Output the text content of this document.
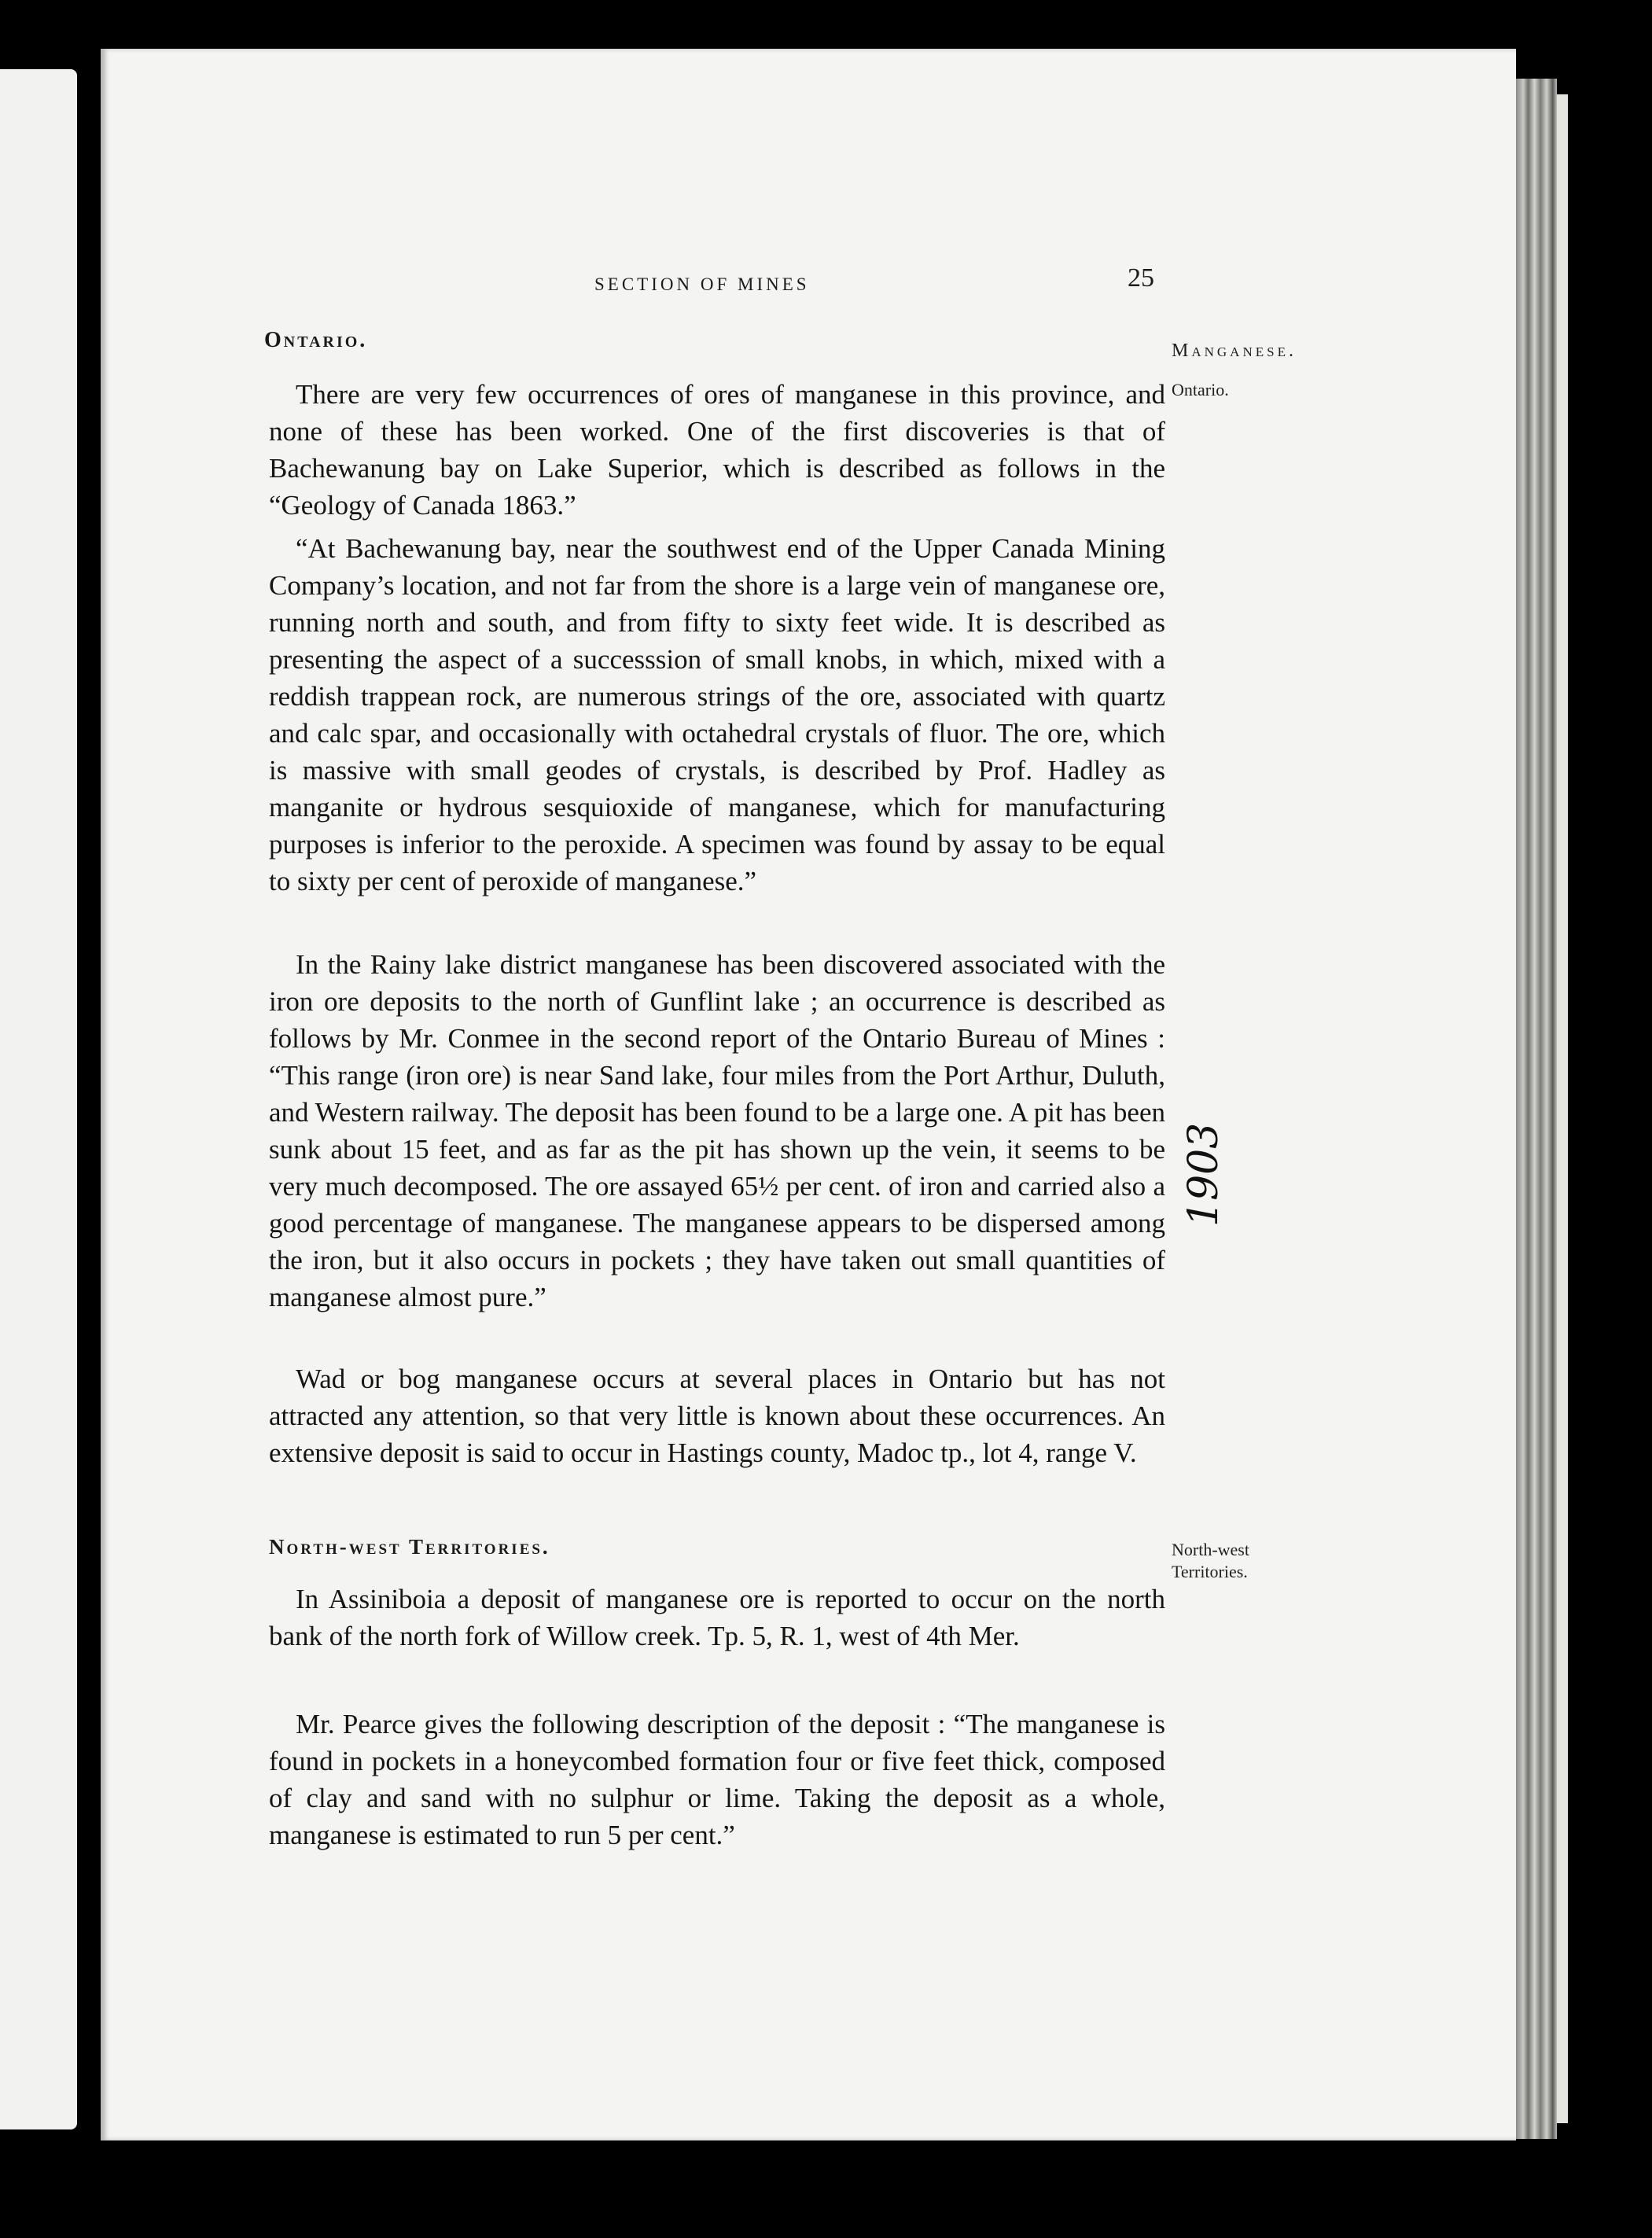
SECTION OF MINES	25
Ontario.	Manganese.
Ontario.

There are very few occurrences of ores of manganese in this province, and none of these has been worked. One of the first discoveries is that of Bachewanung bay on Lake Superior, which is described as follows in the “Geology of Canada 1863.”

“At Bachewanung bay, near the southwest end of the Upper Canada Mining Company’s location, and not far from the shore is a large vein of manganese ore, running north and south, and from fifty to sixty feet wide. It is described as presenting the aspect of a successsion of small knobs, in which, mixed with a reddish trappean rock, are numerous strings of the ore, associated with quartz and calc spar, and occasionally with octahedral crystals of fluor. The ore, which is massive with small geodes of crystals, is described by Prof. Hadley as manganite or hydrous sesquioxide of manganese, which for manufacturing purposes is inferior to the peroxide. A specimen was found by assay to be equal to sixty per cent of peroxide of manganese.”

In the Rainy lake district manganese has been discovered associated with the iron ore deposits to the north of Gunflint lake ; an occurrence is described as follows by Mr. Conmee in the second report of the Ontario Bureau of Mines : “This range (iron ore) is near Sand lake, four miles from the Port Arthur, Duluth, and Western railway. The deposit has been found to be a large one. A pit has been sunk about 15 feet, and as far as the pit has shown up the vein, it seems to be very much decomposed. The ore assayed 65½ per cent. of iron and carried also a good percentage of manganese. The manganese appears to be dispersed among the iron, but it also occurs in pockets ; they have taken out small quantities of manganese almost pure.”

Wad or bog manganese occurs at several places in Ontario but has not attracted any attention, so that very little is known about these occurrences. An extensive deposit is said to occur in Hastings county, Madoc tp., lot 4, range V.

North-west Territories.	North-west
Territories.

In Assiniboia a deposit of manganese ore is reported to occur on the north bank of the north fork of Willow creek. Tp. 5, R. 1, west of 4th Mer.

Mr. Pearce gives the following description of the deposit : “The manganese is found in pockets in a honeycombed formation four or five feet thick, composed of clay and sand with no sulphur or lime. Taking the deposit as a whole, manganese is estimated to run 5 per cent.”

1903
